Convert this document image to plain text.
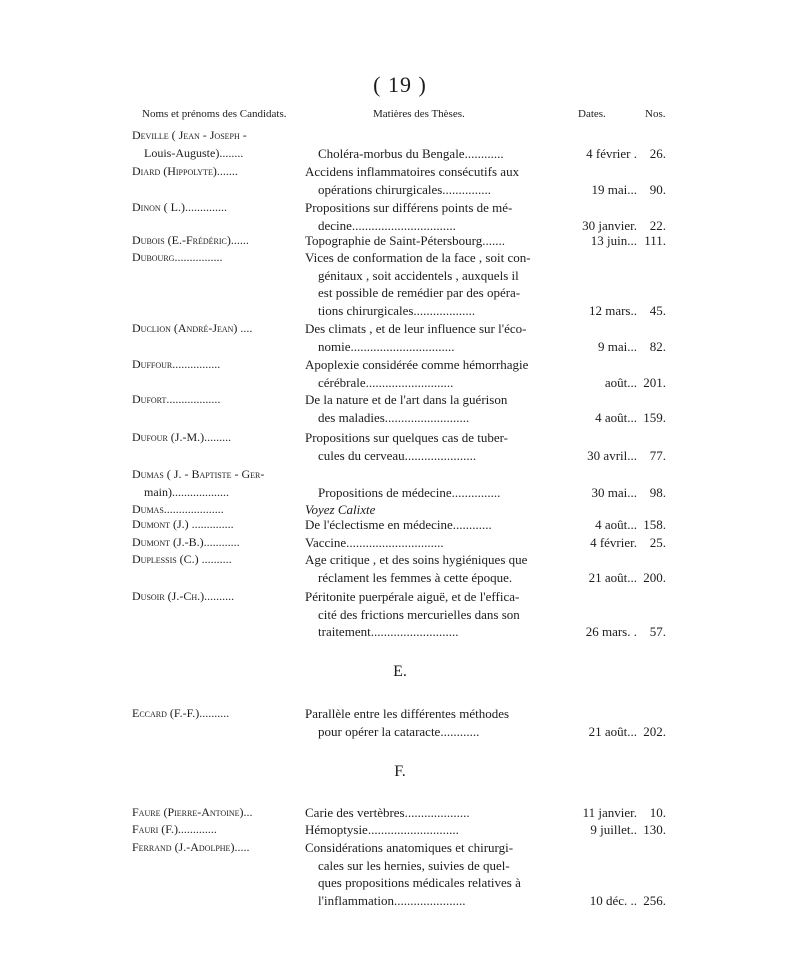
( 19 )
Noms et prénoms des Candidats.	Matières des Thèses.	Dates.	Nos.
Deville ( Jean - Joseph -
Louis-Auguste)........	Choléra-morbus du Bengale............	4 février . 26.
Diard (Hippolyte).......	Accidens inflammatoires consécutifs aux
opérations chirurgicales...............	19 mai... 90.
Dinon ( L.)..............	Propositions sur différens points de mé-
decine................................	30 janvier. 22.
Dubois (E.-Frédéric)......	Topographie de Saint-Pétersbourg.......	13 juin... 111.
Dubourg................	Vices de conformation de la face , soit con-
génitaux , soit accidentels , auxquels il
est possible de remédier par des opéra-
tions chirurgicales...................	12 mars.. 45.
Duclion (André-Jean) ....	Des climats , et de leur influence sur l'éco-
nomie................................	9 mai... 82.
Duffour................	Apoplexie considérée comme hémorrhagie
cérébrale...........................	août... 201.
Dufort..................	De la nature et de l'art dans la guérison
des maladies..........................	4 août... 159.
Dufour (J.-M.).........	Propositions sur quelques cas de tuber-
cules du cerveau......................	30 avril... 77.
Dumas ( J. - Baptiste - Ger-
main)...................	Propositions de médecine...............	30 mai... 98.
Dumas....................	Voyez Calixte
Dumont (J.) ..............	De l'éclectisme en médecine............	4 août... 158.
Dumont (J.-B.)............	Vaccine..............................	4 février. 25.
Duplessis (C.) ..........	Age critique , et des soins hygiéniques que
réclament les femmes à cette époque.	21 août... 200.
Dusoir (J.-Ch.)..........	Péritonite puerpérale aiguë, et de l'effica-
cité des frictions mercurielles dans son
traitement...........................	26 mars. . 57.
E.
Eccard (F.-F.)..........	Parallèle entre les différentes méthodes
pour opérer la cataracte............	21 août... 202.
F.
Faure (Pierre-Antoine)...	Carie des vertèbres....................	11 janvier. 10.
Fauri (F.).............	Hémoptysie............................	9 juillet.. 130.
Ferrand (J.-Adolphe).....	Considérations anatomiques et chirurgi-
cales sur les hernies, suivies de quel-
ques propositions médicales relatives à
l'inflammation......................	10 déc. .. 256.
